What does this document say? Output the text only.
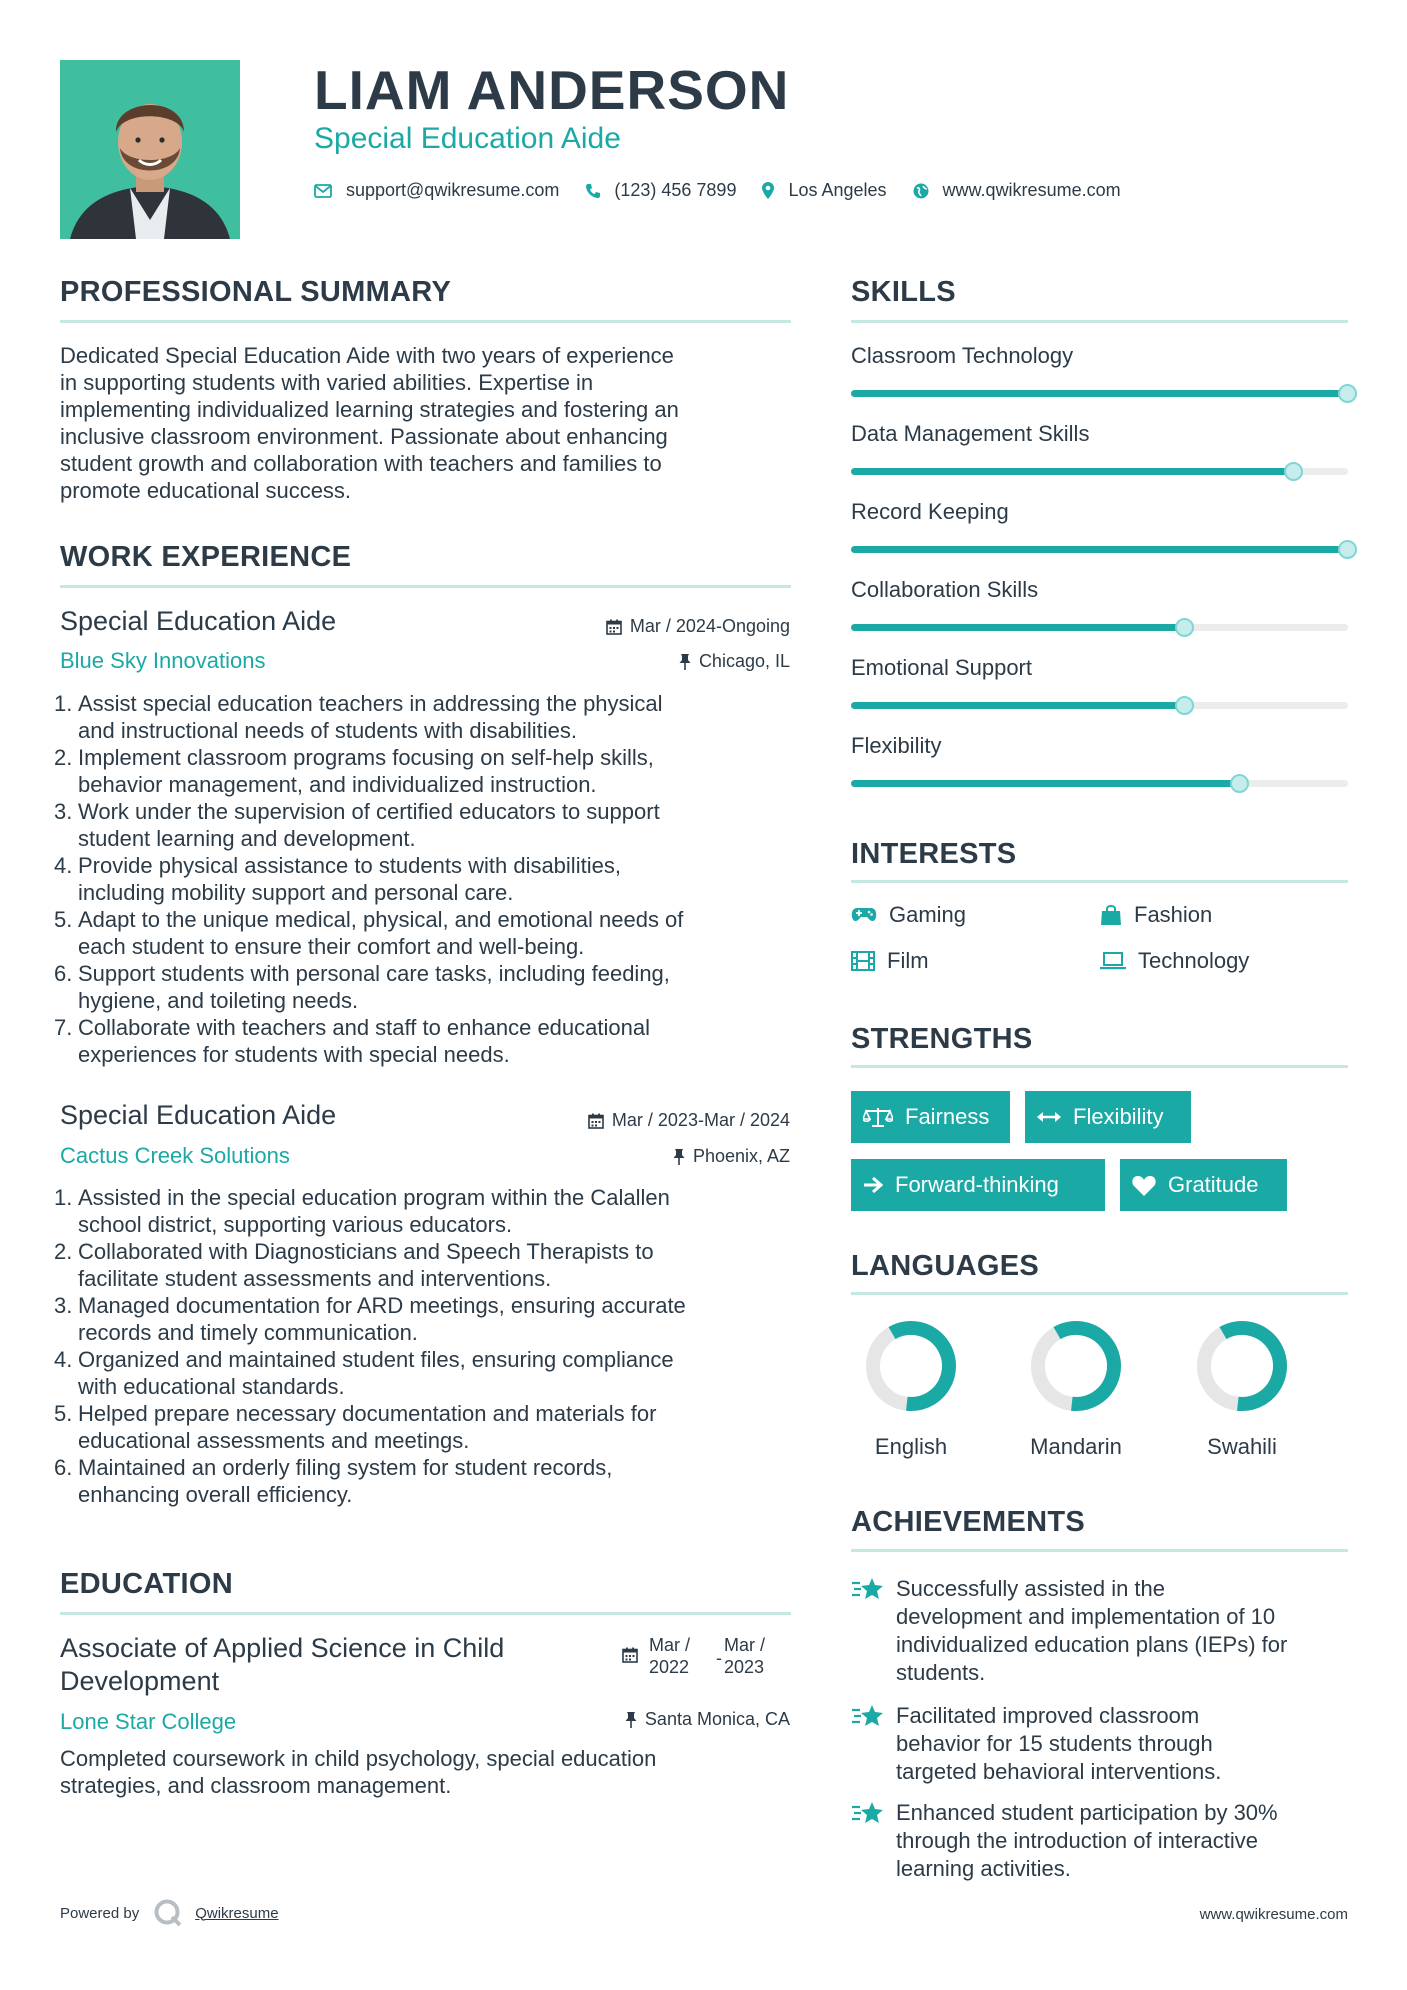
LIAM ANDERSON
Special Education Aide
support@qwikresume.com	(123) 456 7899	Los Angeles	www.qwikresume.com
PROFESSIONAL SUMMARY
Dedicated Special Education Aide with two years of experience
in supporting students with varied abilities. Expertise in
implementing individualized learning strategies and fostering an
inclusive classroom environment. Passionate about enhancing
student growth and collaboration with teachers and families to
promote educational success.
WORK EXPERIENCE
Special Education Aide	Mar / 2024-Ongoing
Blue Sky Innovations	Chicago, IL
1. Assist special education teachers in addressing the physical
and instructional needs of students with disabilities.
2. Implement classroom programs focusing on self-help skills,
behavior management, and individualized instruction.
3. Work under the supervision of certified educators to support
student learning and development.
4. Provide physical assistance to students with disabilities,
including mobility support and personal care.
5. Adapt to the unique medical, physical, and emotional needs of
each student to ensure their comfort and well-being.
6. Support students with personal care tasks, including feeding,
hygiene, and toileting needs.
7. Collaborate with teachers and staff to enhance educational
experiences for students with special needs.
Special Education Aide	Mar / 2023-Mar / 2024
Cactus Creek Solutions	Phoenix, AZ
1. Assisted in the special education program within the Calallen
school district, supporting various educators.
2. Collaborated with Diagnosticians and Speech Therapists to
facilitate student assessments and interventions.
3. Managed documentation for ARD meetings, ensuring accurate
records and timely communication.
4. Organized and maintained student files, ensuring compliance
with educational standards.
5. Helped prepare necessary documentation and materials for
educational assessments and meetings.
6. Maintained an orderly filing system for student records,
enhancing overall efficiency.
EDUCATION
Associate of Applied Science in Child
Development
Mar /
2022 -
Mar /
2023
Lone Star College	Santa Monica, CA
Completed coursework in child psychology, special education
strategies, and classroom management.
SKILLS
Classroom Technology
Data Management Skills
Record Keeping
Collaboration Skills
Emotional Support
Flexibility
INTERESTS
Gaming	Fashion
Film	Technology
STRENGTHS
Fairness	Flexibility
Forward-thinking	Gratitude
LANGUAGES
English	Mandarin	Swahili
ACHIEVEMENTS
Successfully assisted in the
development and implementation of 10
individualized education plans (IEPs) for
students.
Facilitated improved classroom
behavior for 15 students through
targeted behavioral interventions.
Enhanced student participation by 30%
through the introduction of interactive
learning activities.
Powered by	Qwikresume	www.qwikresume.com
